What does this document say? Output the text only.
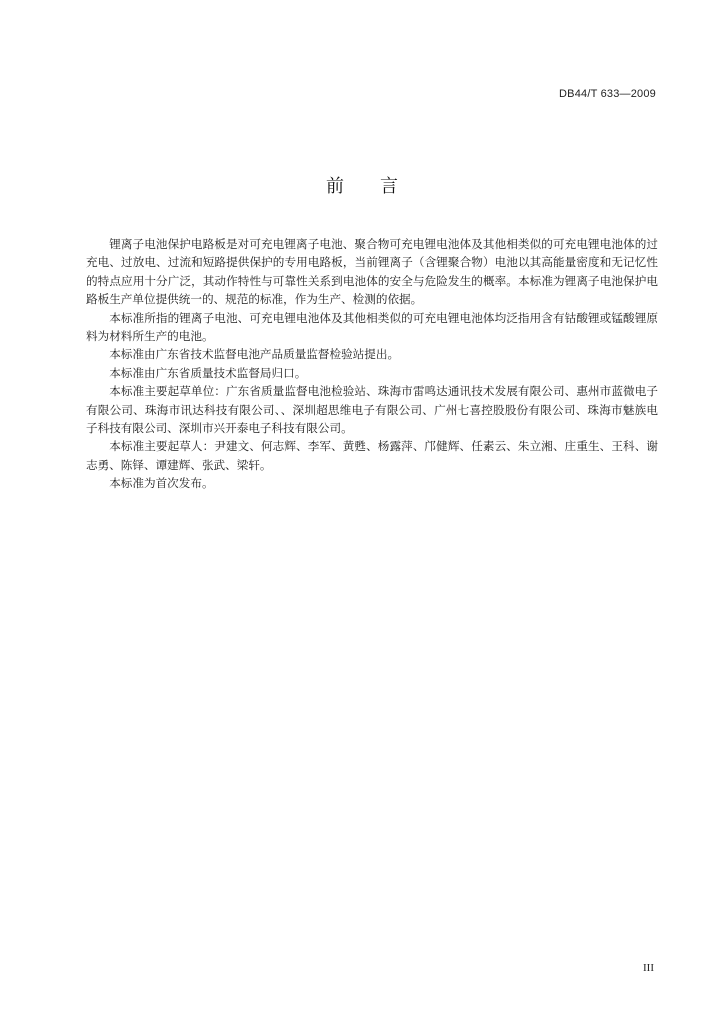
DB44/T 633—2009
前言

锂离子电池保护电路板是对可充电锂离子电池、聚合物可充电锂电池体及其他相类似的可充电锂电池体的过充电、过放电、过流和短路提供保护的专用电路板，当前锂离子（含锂聚合物）电池以其高能量密度和无记忆性的特点应用十分广泛，其动作特性与可靠性关系到电池体的安全与危险发生的概率。本标准为锂离子电池保护电路板生产单位提供统一的、规范的标准，作为生产、检测的依据。

本标准所指的锂离子电池、可充电锂电池体及其他相类似的可充电锂电池体均泛指用含有钴酸锂或锰酸锂原料为材料所生产的电池。

本标准由广东省技术监督电池产品质量监督检验站提出。

本标准由广东省质量技术监督局归口。

本标准主要起草单位：广东省质量监督电池检验站、珠海市雷鸣达通讯技术发展有限公司、惠州市蓝微电子有限公司、珠海市讯达科技有限公司、、深圳超思维电子有限公司、广州七喜控股股份有限公司、珠海市魅族电子科技有限公司、深圳市兴开泰电子科技有限公司。

本标准主要起草人：尹建文、何志辉、李军、黄甦、杨露萍、邝健辉、任素云、朱立湘、庄重生、王科、谢志勇、陈铎、谭建辉、张武、梁轩。

本标准为首次发布。

III
